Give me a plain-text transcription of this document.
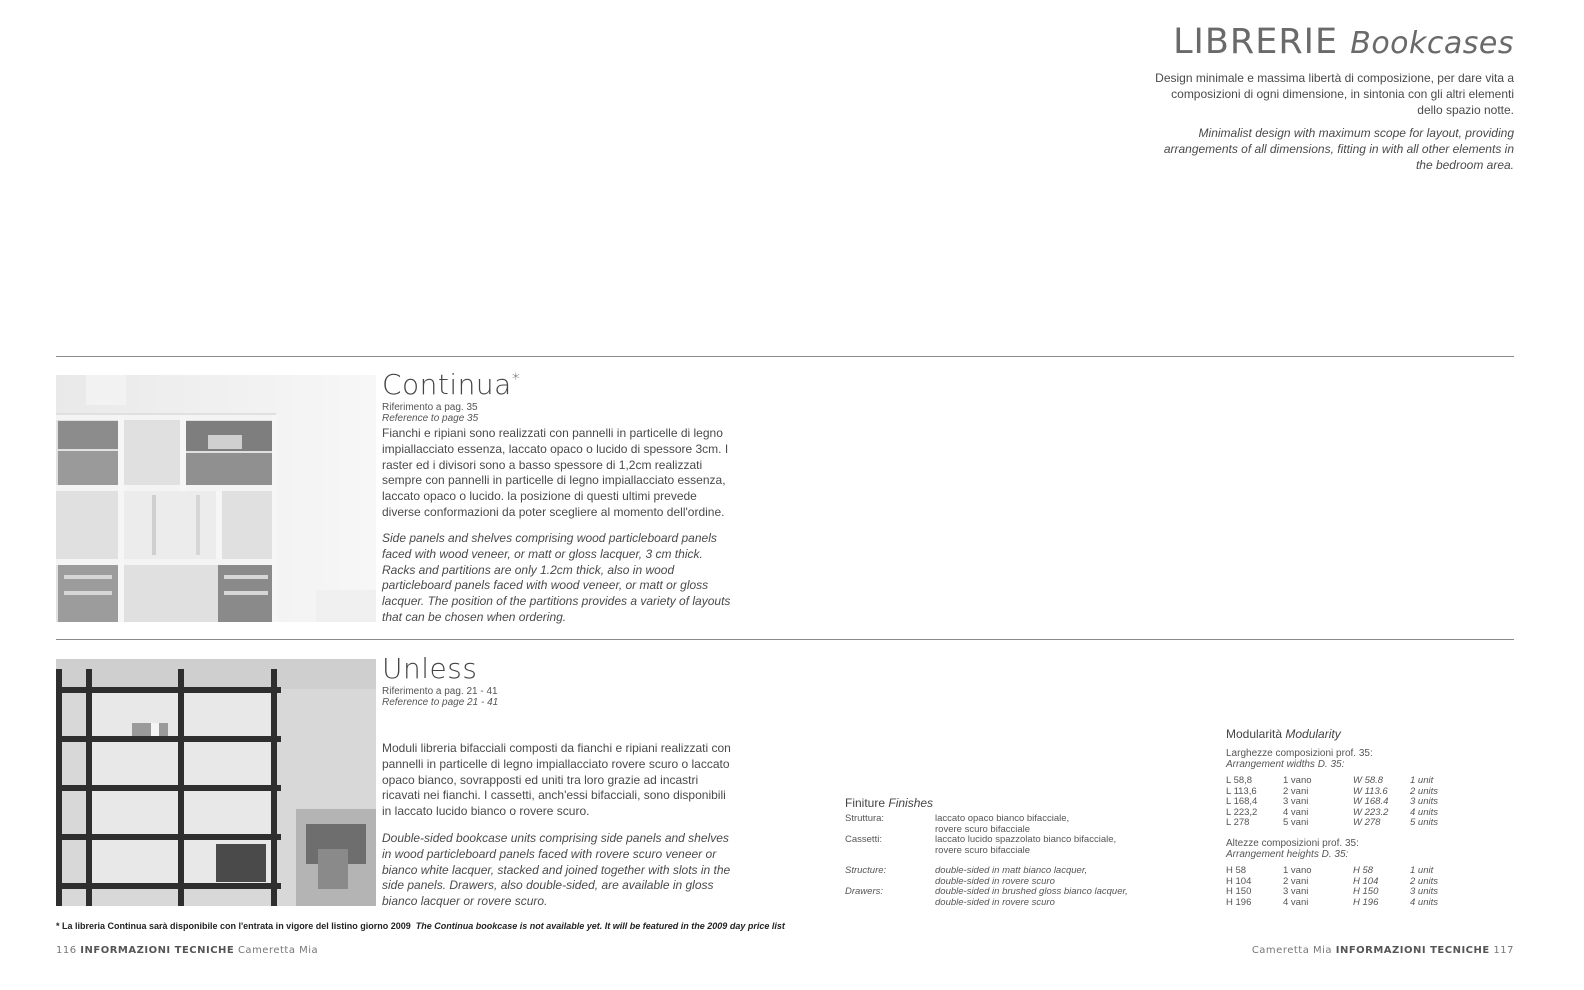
LIBRERIE Bookcases
Design minimale e massima libertà di composizione, per dare vita a composizioni di ogni dimensione, in sintonia con gli altri elementi dello spazio notte.
Minimalist design with maximum scope for layout, providing arrangements of all dimensions, fitting in with all other elements in the bedroom area.
Continua*
Riferimento a pag. 35
Reference to page 35
Fianchi e ripiani sono realizzati con pannelli in particelle di legno impiallacciato essenza, laccato opaco o lucido di spessore 3cm. I raster ed i divisori sono a basso spessore di 1,2cm realizzati sempre con pannelli in particelle di legno impiallacciato essenza, laccato opaco o lucido. la posizione di questi ultimi prevede diverse conformazioni da poter scegliere al momento dell'ordine.
Side panels and shelves comprising wood particleboard panels faced with wood veneer, or matt or gloss lacquer, 3 cm thick. Racks and partitions are only 1.2cm thick, also in wood particleboard panels faced with wood veneer, or matt or gloss lacquer. The position of the partitions provides a variety of layouts that can be chosen when ordering.
Unless
Riferimento a pag. 21 - 41
Reference to page 21 - 41
Moduli libreria bifacciali composti da fianchi e ripiani realizzati con pannelli in particelle di legno impiallacciato rovere scuro o laccato opaco bianco, sovrapposti ed uniti tra loro grazie ad incastri ricavati nei fianchi. I cassetti, anch'essi bifacciali, sono disponibili in laccato lucido bianco o rovere scuro.
Double-sided bookcase units comprising side panels and shelves in wood particleboard panels faced with rovere scuro veneer or bianco white lacquer, stacked and joined together with slots in the side panels. Drawers, also double-sided, are available in gloss bianco lacquer or rovere scuro.
Finiture Finishes
Struttura:	laccato opaco bianco bifacciale,
rovere scuro bifacciale
Cassetti:	laccato lucido spazzolato bianco bifacciale,
rovere scuro bifacciale
Structure:	double-sided in matt bianco lacquer,
double-sided in rovere scuro
Drawers:	double-sided in brushed gloss bianco lacquer,
double-sided in rovere scuro
Modularità Modularity
Larghezze composizioni prof. 35:
Arrangement widths D. 35:
L 58,8	1 vano	W 58.8	1 unit
L 113,6	2 vani	W 113.6	2 units
L 168,4	3 vani	W 168.4	3 units
L 223,2	4 vani	W 223.2	4 units
L 278	5 vani	W 278	5 units
Altezze composizioni prof. 35:
Arrangement heights D. 35:
H 58	1 vano	H 58	1 unit
H 104	2 vani	H 104	2 units
H 150	3 vani	H 150	3 units
H 196	4 vani	H 196	4 units
* La libreria Continua sarà disponibile con l'entrata in vigore del listino giorno 2009 The Continua bookcase is not available yet. It will be featured in the 2009 day price list
116 INFORMAZIONI TECNICHE Cameretta Mia	Cameretta Mia INFORMAZIONI TECNICHE 117
